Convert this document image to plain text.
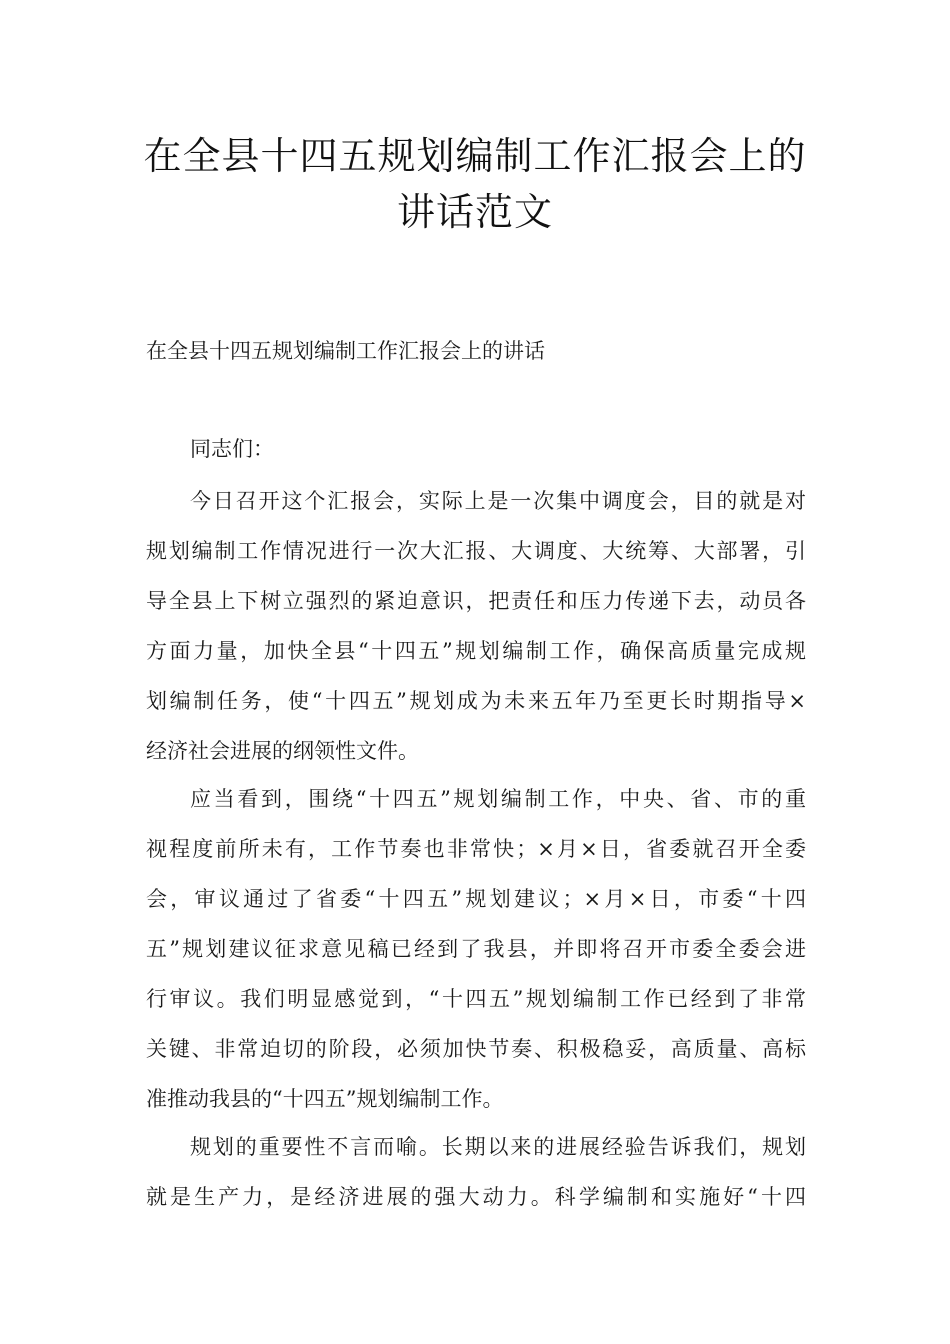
在全县十四五规划编制工作汇报会上的
讲话范文
在全县十四五规划编制工作汇报会上的讲话
同志们：
今日召开这个汇报会，实际上是一次集中调度会，目的就是对
规划编制工作情况进行一次大汇报、大调度、大统筹、大部署，引
导全县上下树立强烈的紧迫意识，把责任和压力传递下去，动员各
方面力量，加快全县“十四五”规划编制工作，确保高质量完成规
划编制任务，使“十四五”规划成为未来五年乃至更长时期指导×
经济社会进展的纲领性文件。
应当看到，围绕“十四五”规划编制工作，中央、省、市的重
视程度前所未有，工作节奏也非常快；×月×日，省委就召开全委
会，审议通过了省委“十四五”规划建议；×月×日，市委“十四
五”规划建议征求意见稿已经到了我县，并即将召开市委全委会进
行审议。我们明显感觉到，“十四五”规划编制工作已经到了非常
关键、非常迫切的阶段，必须加快节奏、积极稳妥，高质量、高标
准推动我县的“十四五”规划编制工作。
规划的重要性不言而喻。长期以来的进展经验告诉我们，规划
就是生产力，是经济进展的强大动力。科学编制和实施好“十四
